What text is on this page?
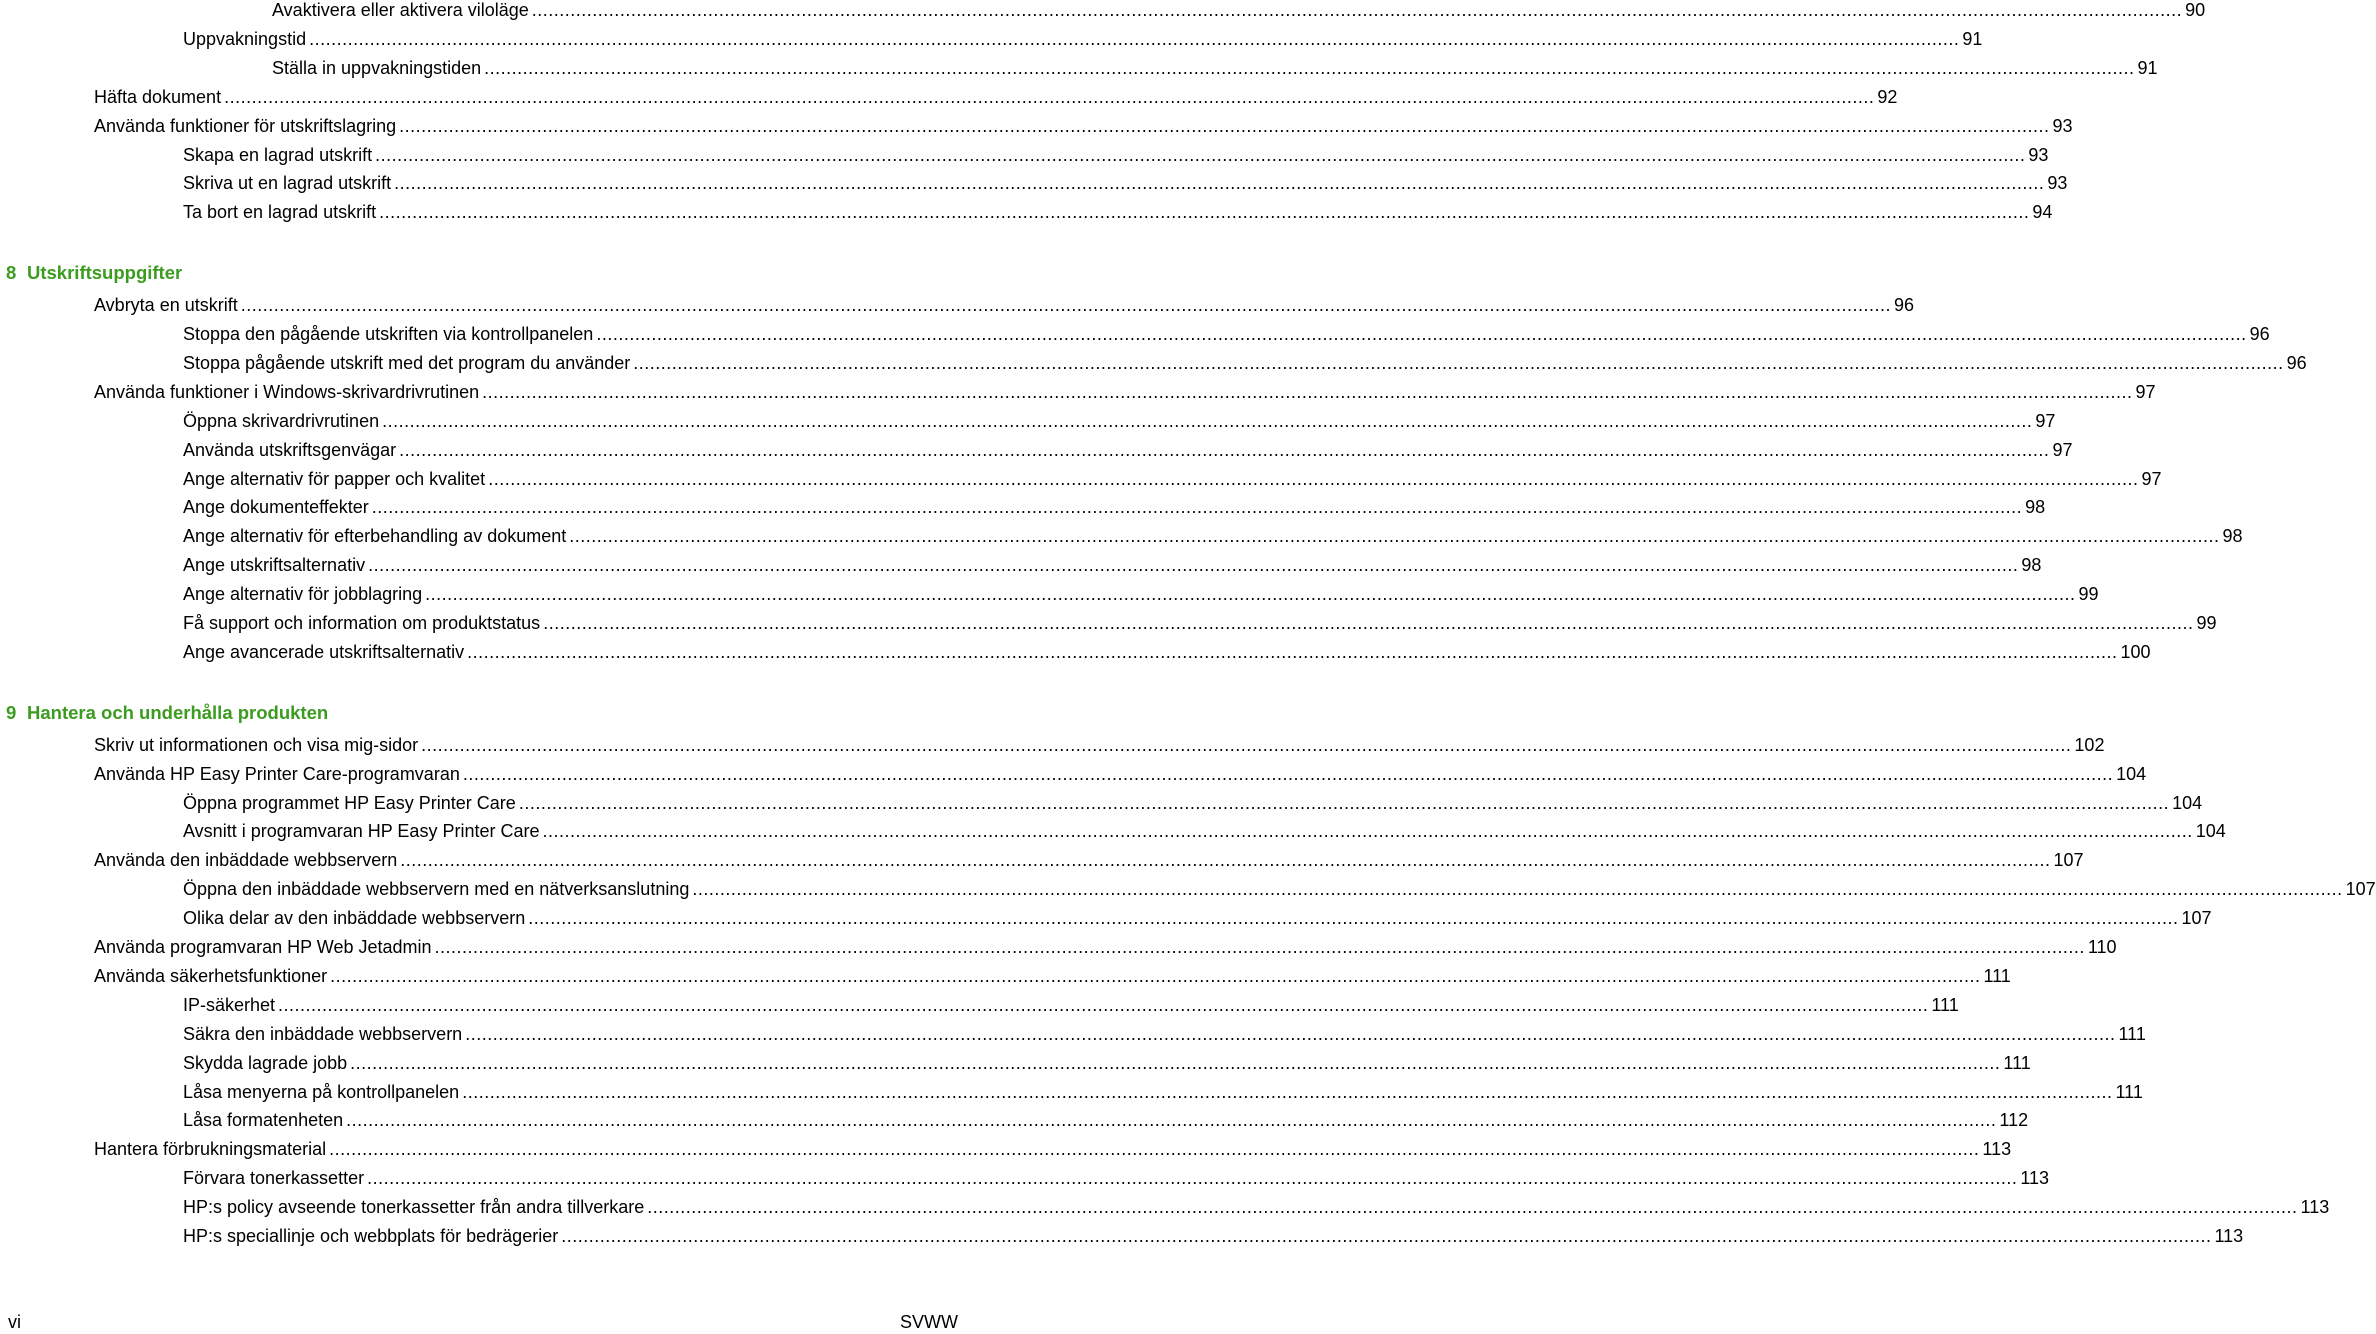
Avaktivera eller aktivera viloläge ............................................................................................................................................................................................................................................................................................................ 90
Uppvakningstid ............................................................................................................................................................................................................................................................................................................ 91
Ställa in uppvakningstiden ............................................................................................................................................................................................................................................................................................................ 91
Häfta dokument ............................................................................................................................................................................................................................................................................................................ 92
Använda funktioner för utskriftslagring ............................................................................................................................................................................................................................................................................................................ 93
Skapa en lagrad utskrift ............................................................................................................................................................................................................................................................................................................ 93
Skriva ut en lagrad utskrift ............................................................................................................................................................................................................................................................................................................ 93
Ta bort en lagrad utskrift ............................................................................................................................................................................................................................................................................................................ 94
8 Utskriftsuppgifter
Avbryta en utskrift ............................................................................................................................................................................................................................................................................................................ 96
Stoppa den pågående utskriften via kontrollpanelen ............................................................................................................................................................................................................................................................................................................ 96
Stoppa pågående utskrift med det program du använder ............................................................................................................................................................................................................................................................................................................ 96
Använda funktioner i Windows-skrivardrivrutinen ............................................................................................................................................................................................................................................................................................................ 97
Öppna skrivardrivrutinen ............................................................................................................................................................................................................................................................................................................ 97
Använda utskriftsgenvägar ............................................................................................................................................................................................................................................................................................................ 97
Ange alternativ för papper och kvalitet ............................................................................................................................................................................................................................................................................................................ 97
Ange dokumenteffekter ............................................................................................................................................................................................................................................................................................................ 98
Ange alternativ för efterbehandling av dokument ............................................................................................................................................................................................................................................................................................................ 98
Ange utskriftsalternativ ............................................................................................................................................................................................................................................................................................................ 98
Ange alternativ för jobblagring ............................................................................................................................................................................................................................................................................................................ 99
Få support och information om produktstatus ............................................................................................................................................................................................................................................................................................................ 99
Ange avancerade utskriftsalternativ ............................................................................................................................................................................................................................................................................................................ 100
9 Hantera och underhålla produkten
Skriv ut informationen och visa mig-sidor ............................................................................................................................................................................................................................................................................................................ 102
Använda HP Easy Printer Care-programvaran ............................................................................................................................................................................................................................................................................................................ 104
Öppna programmet HP Easy Printer Care ............................................................................................................................................................................................................................................................................................................ 104
Avsnitt i programvaran HP Easy Printer Care ............................................................................................................................................................................................................................................................................................................ 104
Använda den inbäddade webbservern ............................................................................................................................................................................................................................................................................................................ 107
Öppna den inbäddade webbservern med en nätverksanslutning ............................................................................................................................................................................................................................................................................................................ 107
Olika delar av den inbäddade webbservern ............................................................................................................................................................................................................................................................................................................ 107
Använda programvaran HP Web Jetadmin ............................................................................................................................................................................................................................................................................................................ 110
Använda säkerhetsfunktioner ............................................................................................................................................................................................................................................................................................................ 111
IP-säkerhet ............................................................................................................................................................................................................................................................................................................ 111
Säkra den inbäddade webbservern ............................................................................................................................................................................................................................................................................................................ 111
Skydda lagrade jobb ............................................................................................................................................................................................................................................................................................................ 111
Låsa menyerna på kontrollpanelen ............................................................................................................................................................................................................................................................................................................ 111
Låsa formatenheten ............................................................................................................................................................................................................................................................................................................ 112
Hantera förbrukningsmaterial ............................................................................................................................................................................................................................................................................................................ 113
Förvara tonerkassetter ............................................................................................................................................................................................................................................................................................................ 113
HP:s policy avseende tonerkassetter från andra tillverkare ............................................................................................................................................................................................................................................................................................................ 113
HP:s speciallinje och webbplats för bedrägerier ............................................................................................................................................................................................................................................................................................................ 113
vi	SVWW
